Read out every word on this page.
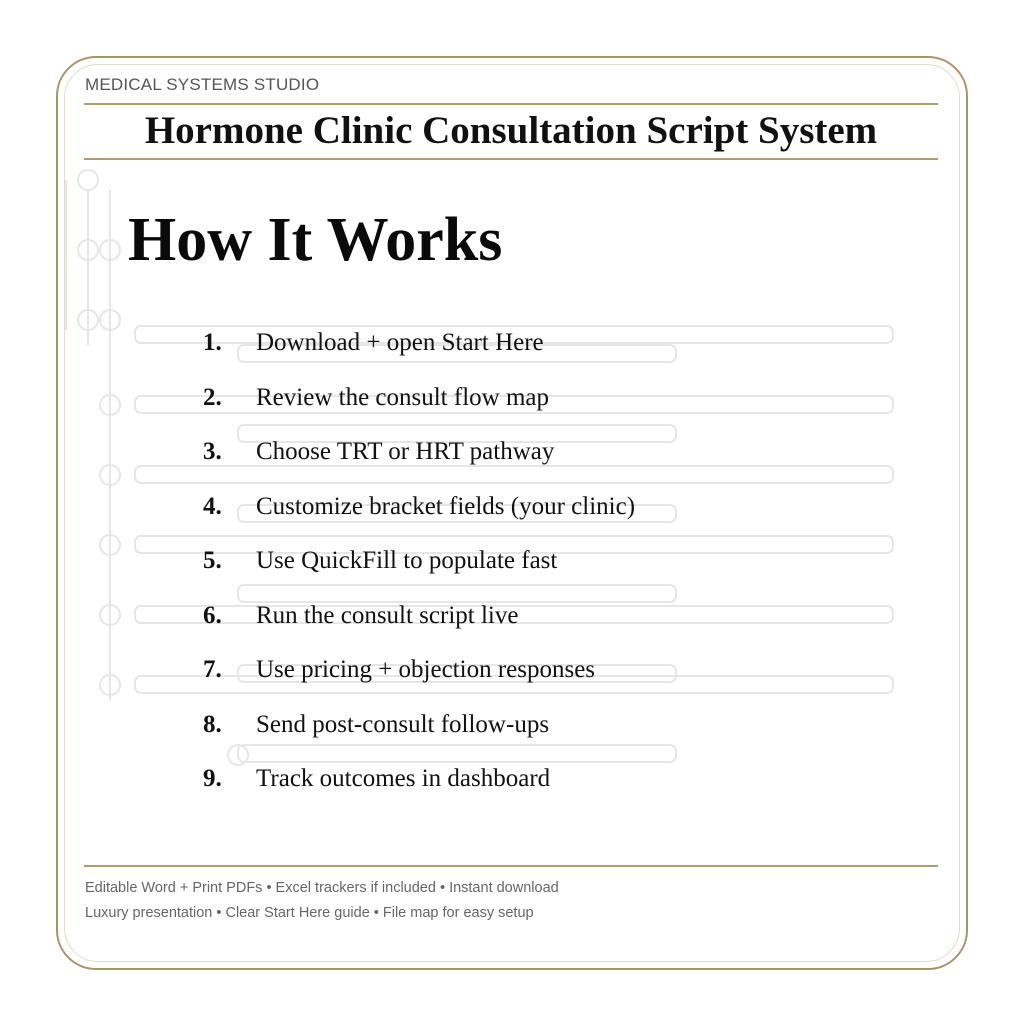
MEDICAL SYSTEMS STUDIO
Hormone Clinic Consultation Script System
How It Works
1.	Download + open Start Here
2.	Review the consult flow map
3.	Choose TRT or HRT pathway
4.	Customize bracket fields (your clinic)
5.	Use QuickFill to populate fast
6.	Run the consult script live
7.	Use pricing + objection responses
8.	Send post-consult follow-ups
9.	Track outcomes in dashboard
Editable Word + Print PDFs • Excel trackers if included • Instant download
Luxury presentation • Clear Start Here guide • File map for easy setup
